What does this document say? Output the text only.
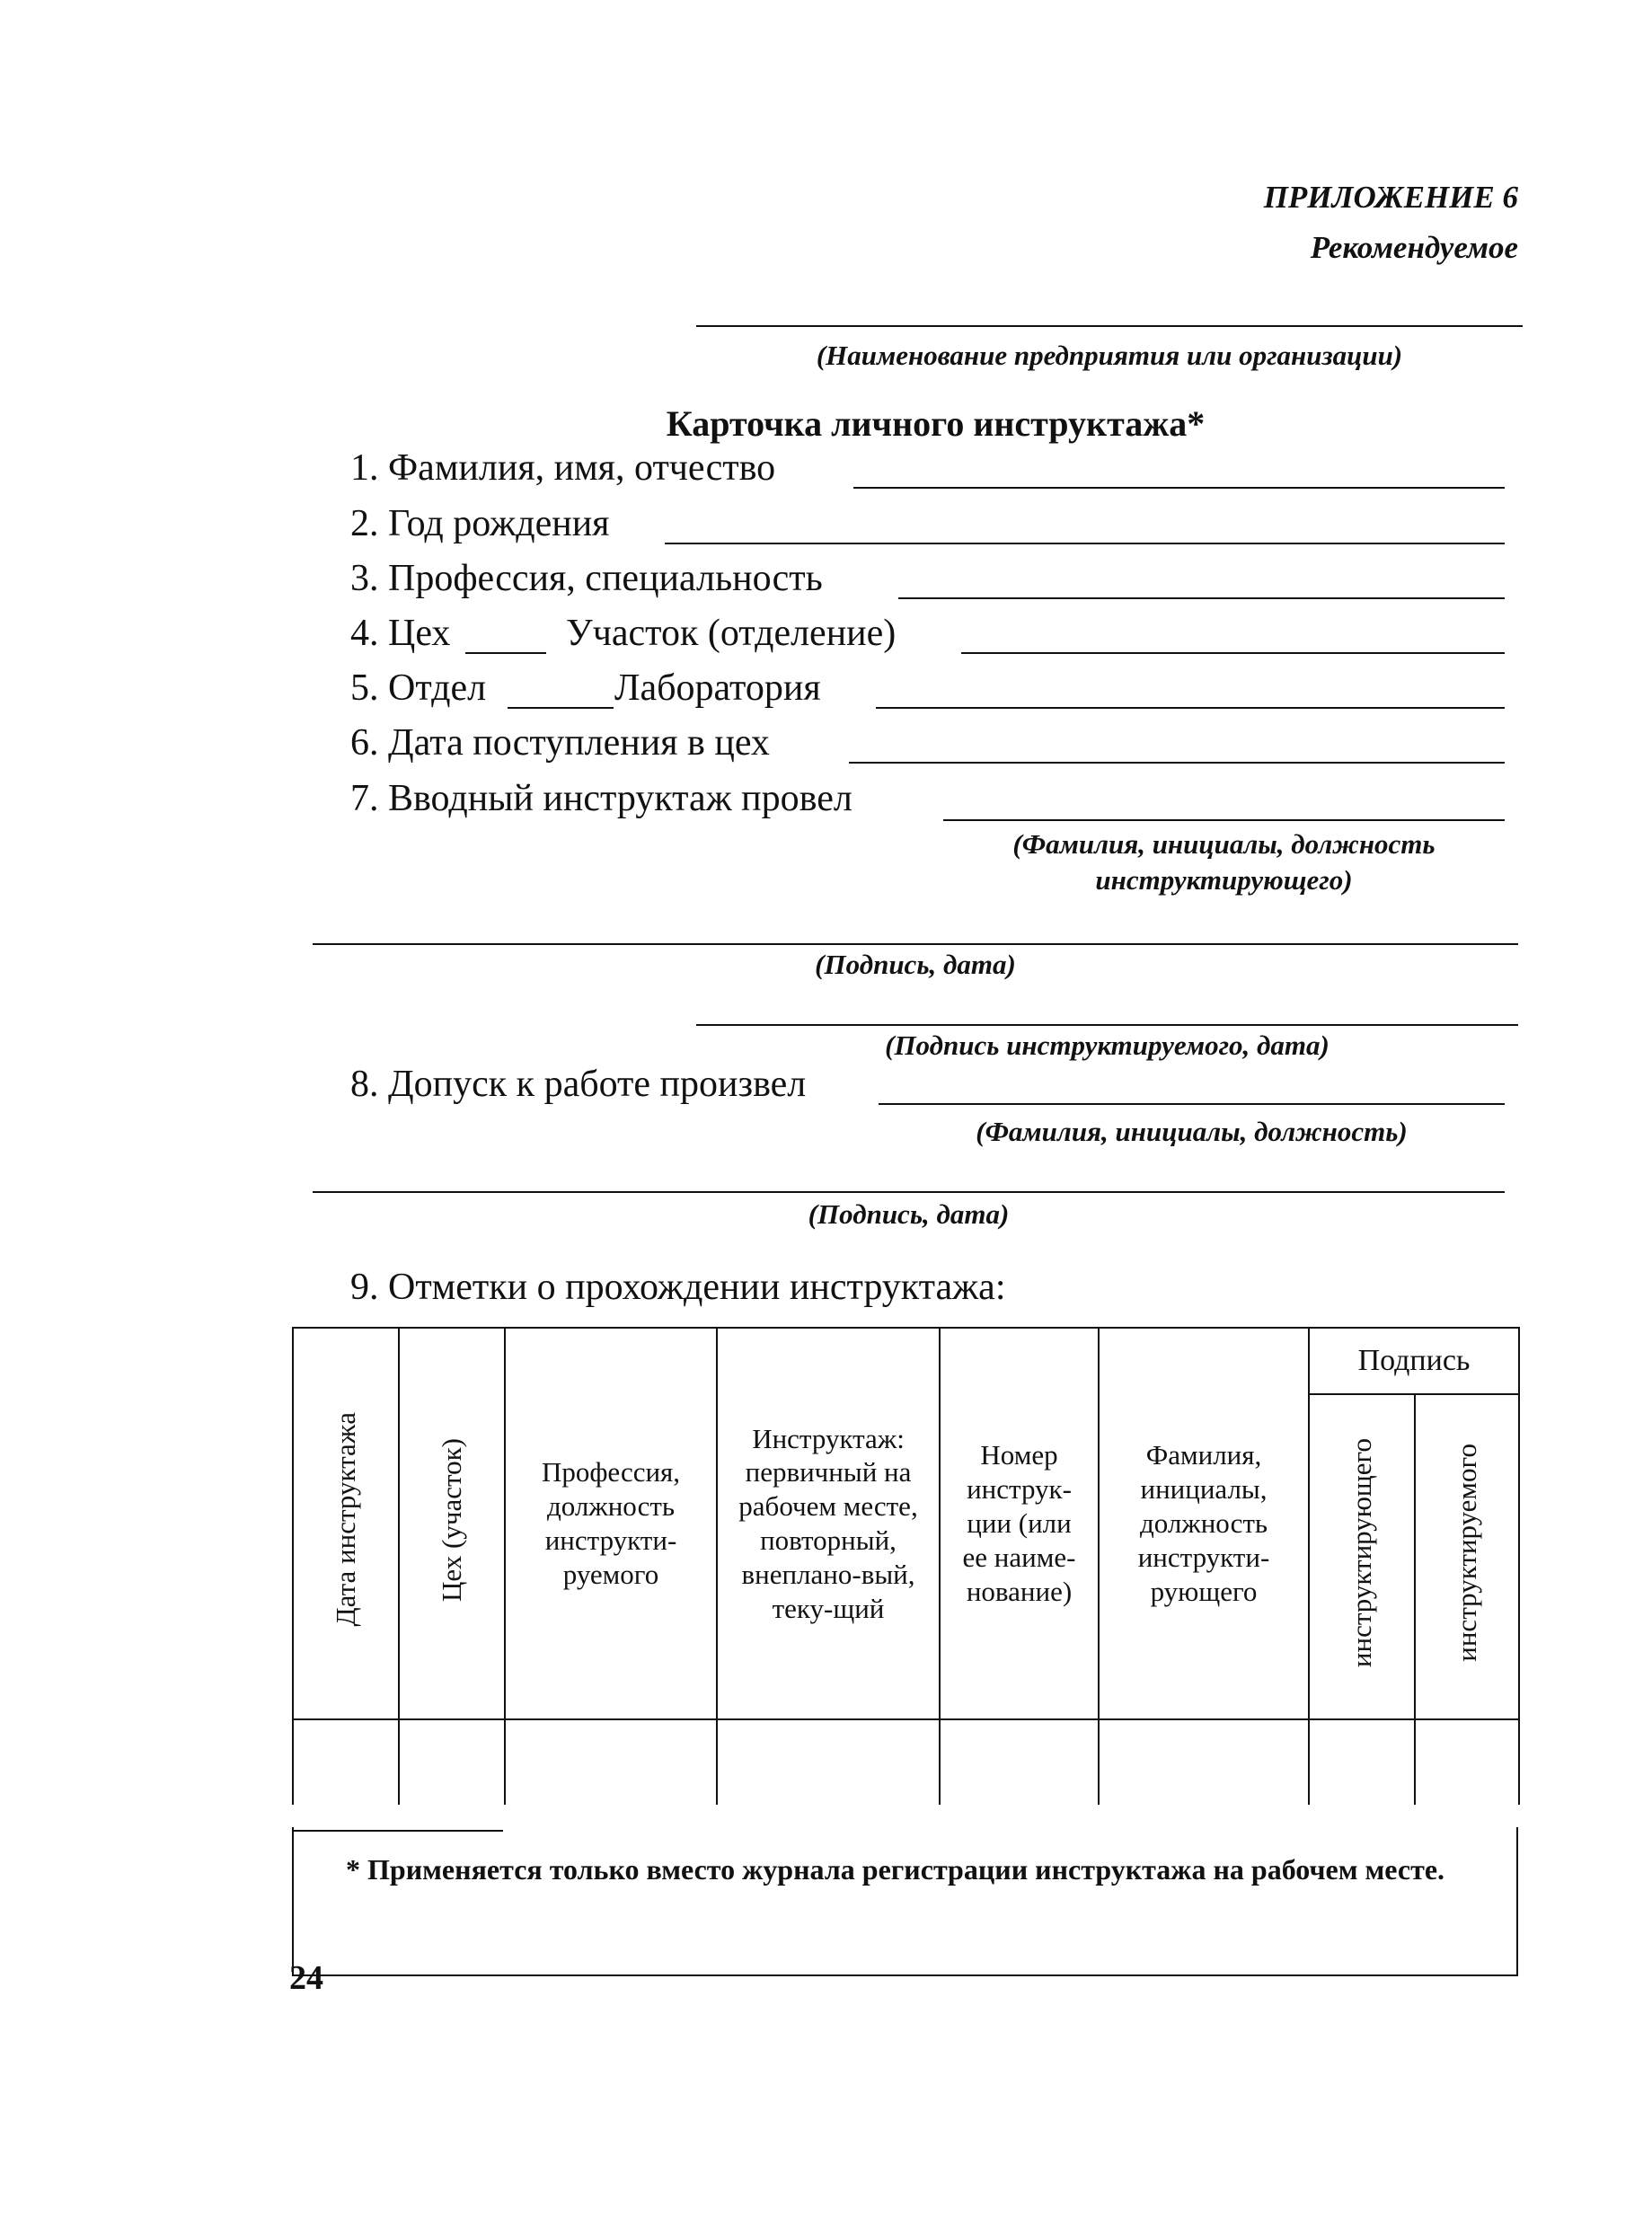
ПРИЛОЖЕНИЕ 6
Рекомендуемое
(Наименование предприятия или организации)
Карточка личного инструктажа*
1. Фамилия, имя, отчество
2. Год рождения
3. Профессия, специальность
4. Цех	Участок (отделение)
5. Отдел	Лаборатория
6. Дата поступления в цех
7. Вводный инструктаж провел
(Фамилия, инициалы, должность
инструктирующего)
(Подпись, дата)
(Подпись инструктируемого, дата)
8. Допуск к работе произвел
(Фамилия, инициалы, должность)
(Подпись, дата)
9. Отметки о прохождении инструктажа:
Дата инструктажа	Цех (участок)	Профессия, должность инструкти-руемого	Инструктаж: первичный на рабочем месте, повторный, внеплано-вый, теку-щий	Номер инструк-ции (или ее наиме-нование)	Фамилия, инициалы, должность инструкти-рующего	Подпись	
						инструктирующего	инструктируемого

* Применяется только вместо журнала регистрации инструктажа на рабочем месте.
24
